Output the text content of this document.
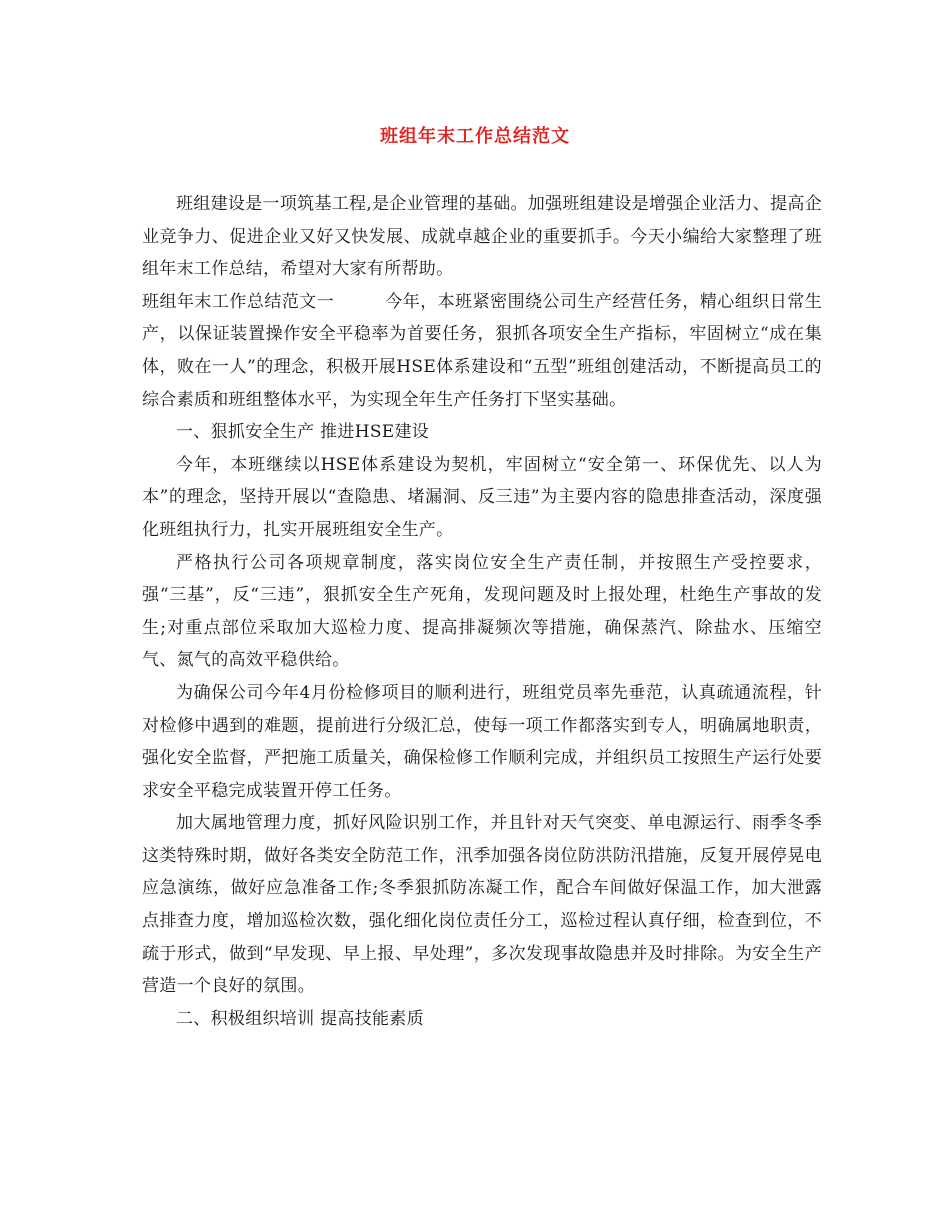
班组年末工作总结范文

班组建设是一项筑基工程,是企业管理的基础。加强班组建设是增强企业活力、提高企业竞争力、促进企业又好又快发展、成就卓越企业的重要抓手。今天小编给大家整理了班组年末工作总结，希望对大家有所帮助。

班组年末工作总结范文一	今年，本班紧密围绕公司生产经营任务，精心组织日常生产，以保证装置操作安全平稳率为首要任务，狠抓各项安全生产指标，牢固树立“成在集体，败在一人”的理念，积极开展HSE体系建设和“五型”班组创建活动，不断提高员工的综合素质和班组整体水平，为实现全年生产任务打下坚实基础。

一、狠抓安全生产 推进HSE建设

今年，本班继续以HSE体系建设为契机，牢固树立“安全第一、环保优先、以人为本”的理念，坚持开展以“查隐患、堵漏洞、反三违”为主要内容的隐患排查活动，深度强化班组执行力，扎实开展班组安全生产。

严格执行公司各项规章制度，落实岗位安全生产责任制，并按照生产受控要求，强“三基”，反“三违”，狠抓安全生产死角，发现问题及时上报处理，杜绝生产事故的发生;对重点部位采取加大巡检力度、提高排凝频次等措施，确保蒸汽、除盐水、压缩空气、氮气的高效平稳供给。

为确保公司今年4月份检修项目的顺利进行，班组党员率先垂范，认真疏通流程，针对检修中遇到的难题，提前进行分级汇总，使每一项工作都落实到专人，明确属地职责，强化安全监督，严把施工质量关，确保检修工作顺利完成，并组织员工按照生产运行处要求安全平稳完成装置开停工任务。

加大属地管理力度，抓好风险识别工作，并且针对天气突变、单电源运行、雨季冬季这类特殊时期，做好各类安全防范工作，汛季加强各岗位防洪防汛措施，反复开展停晃电应急演练，做好应急准备工作;冬季狠抓防冻凝工作，配合车间做好保温工作，加大泄露点排查力度，增加巡检次数，强化细化岗位责任分工，巡检过程认真仔细，检查到位，不疏于形式，做到“早发现、早上报、早处理”，多次发现事故隐患并及时排除。为安全生产营造一个良好的氛围。

二、积极组织培训 提高技能素质
